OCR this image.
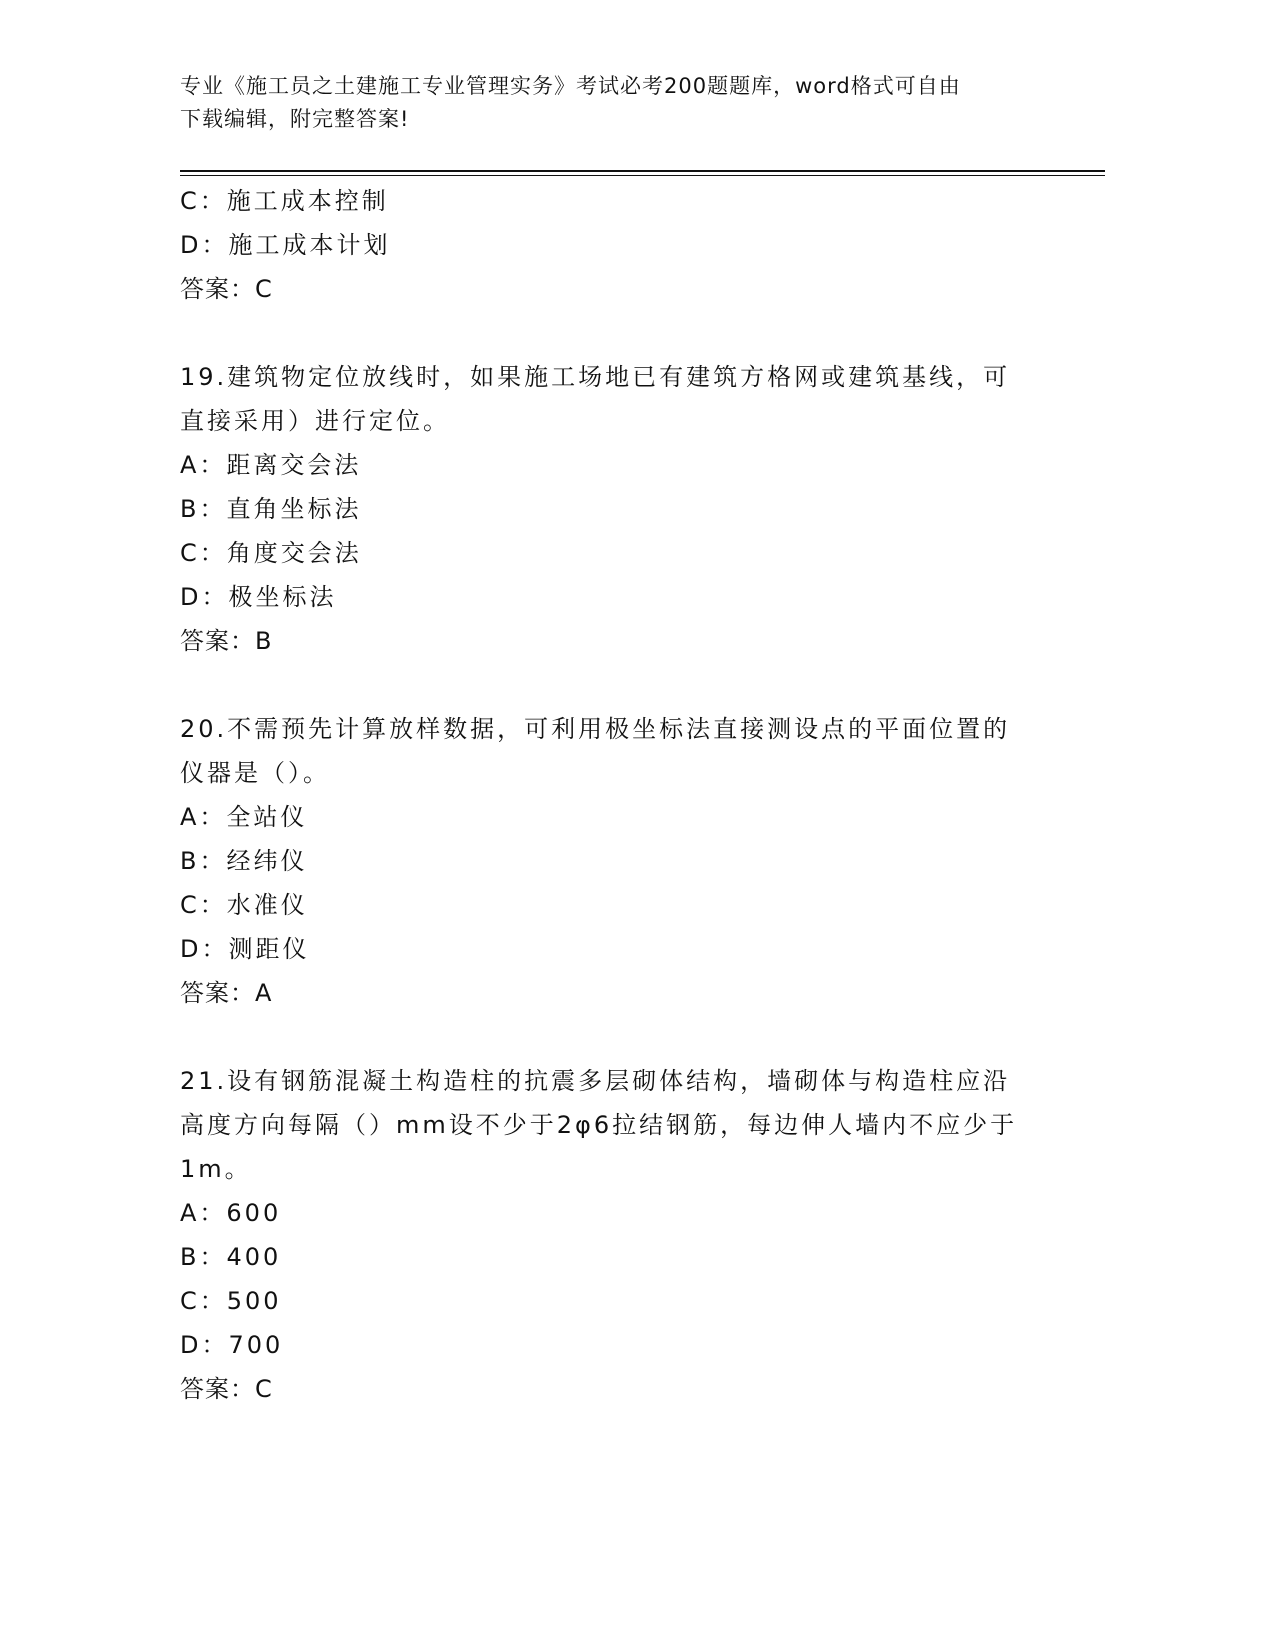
专业《施工员之土建施工专业管理实务》考试必考200题题库，word格式可自由
下载编辑，附完整答案!
C：施工成本控制
D：施工成本计划
答案：C
19.建筑物定位放线时，如果施工场地已有建筑方格网或建筑基线，可
直接采用）进行定位。
A：距离交会法
B：直角坐标法
C：角度交会法
D：极坐标法
答案：B
20.不需预先计算放样数据，可利用极坐标法直接测设点的平面位置的
仪器是（）。
A：全站仪
B：经纬仪
C：水准仪
D：测距仪
答案：A
21.设有钢筋混凝土构造柱的抗震多层砌体结构，墙砌体与构造柱应沿
高度方向每隔（）mm设不少于2φ6拉结钢筋，每边伸人墙内不应少于
1m。
A：600
B：400
C：500
D：700
答案：C
